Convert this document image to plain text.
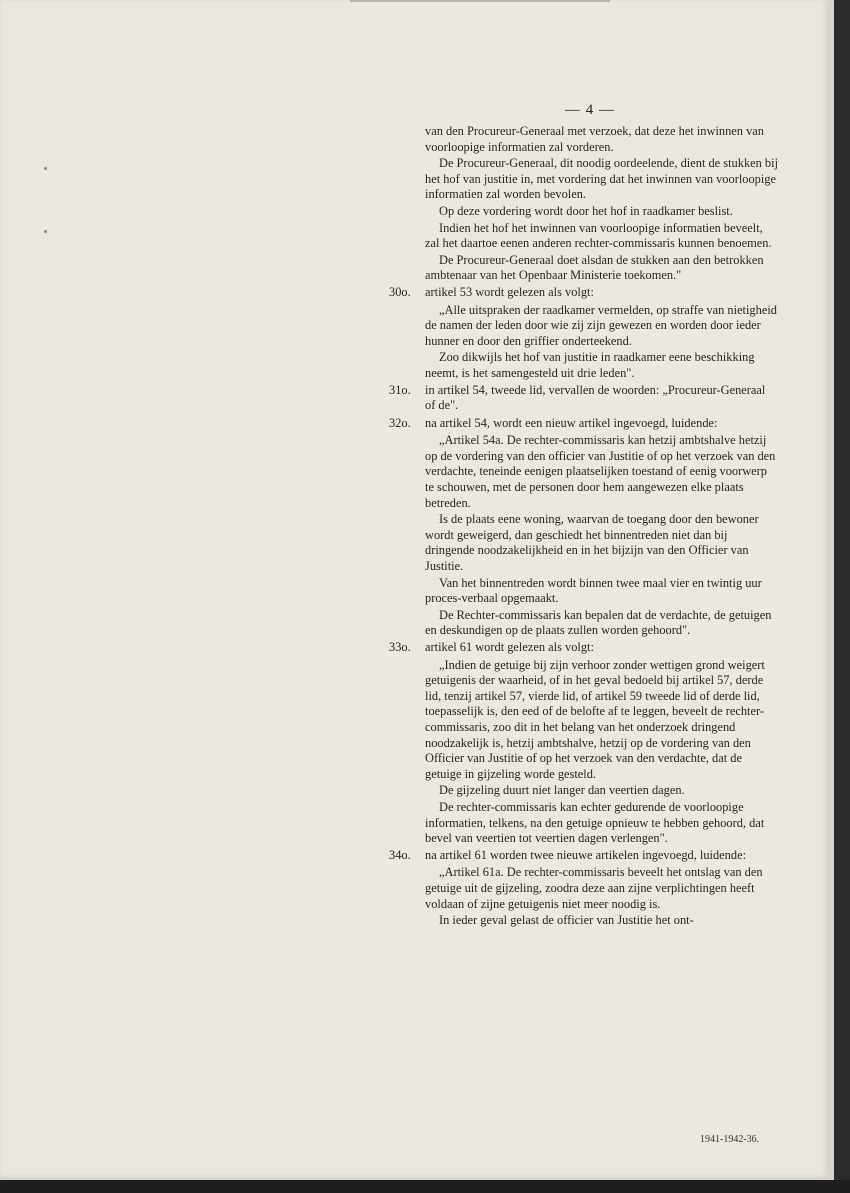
— 4 —
van den Procureur-Generaal met verzoek, dat deze het inwinnen van voorloopige informatien zal vorderen.
De Procureur-Generaal, dit noodig oordeelende, dient de stukken bij het hof van justitie in, met vordering dat het inwinnen van voorloopige informatien zal worden bevolen.
Op deze vordering wordt door het hof in raadkamer beslist.
Indien het hof het inwinnen van voorloopige informatien beveelt, zal het daartoe eenen anderen rechter-commissaris kunnen benoemen.
De Procureur-Generaal doet alsdan de stukken aan den betrokken ambtenaar van het Openbaar Ministerie toekomen."
30o.	artikel 53 wordt gelezen als volgt:
„Alle uitspraken der raadkamer vermelden, op straffe van nietigheid de namen der leden door wie zij zijn gewezen en worden door ieder hunner en door den griffier onderteekend.
Zoo dikwijls het hof van justitie in raadkamer eene beschikking neemt, is het samengesteld uit drie leden".
31o.	in artikel 54, tweede lid, vervallen de woorden: „Procureur-Generaal of de".
32o.	na artikel 54, wordt een nieuw artikel ingevoegd, luidende:
„Artikel 54a. De rechter-commissaris kan hetzij ambtshalve hetzij op de vordering van den officier van Justitie of op het verzoek van den verdachte, teneinde eenigen plaatselijken toestand of eenig voorwerp te schouwen, met de personen door hem aangewezen elke plaats betreden.
Is de plaats eene woning, waarvan de toegang door den bewoner wordt geweigerd, dan geschiedt het binnentreden niet dan bij dringende noodzakelijkheid en in het bijzijn van den Officier van Justitie.
Van het binnentreden wordt binnen twee maal vier en twintig uur proces-verbaal opgemaakt.
De Rechter-commissaris kan bepalen dat de verdachte, de getuigen en deskundigen op de plaats zullen worden gehoord".
33o.	artikel 61 wordt gelezen als volgt:
„Indien de getuige bij zijn verhoor zonder wettigen grond weigert getuigenis der waarheid, of in het geval bedoeld bij artikel 57, derde lid, tenzij artikel 57, vierde lid, of artikel 59 tweede lid of derde lid, toepasselijk is, den eed of de belofte af te leggen, beveelt de rechter-commissaris, zoo dit in het belang van het onderzoek dringend noodzakelijk is, hetzij ambtshalve, hetzij op de vordering van den Officier van Justitie of op het verzoek van den verdachte, dat de getuige in gijzeling worde gesteld.
De gijzeling duurt niet langer dan veertien dagen.
De rechter-commissaris kan echter gedurende de voorloopige informatien, telkens, na den getuige opnieuw te hebben gehoord, dat bevel van veertien tot veertien dagen verlengen".
34o.	na artikel 61 worden twee nieuwe artikelen ingevoegd, luidende:
„Artikel 61a. De rechter-commissaris beveelt het ontslag van den getuige uit de gijzeling, zoodra deze aan zijne verplichtingen heeft voldaan of zijne getuigenis niet meer noodig is.
In ieder geval gelast de officier van Justitie het ont-
1941-1942-36.
